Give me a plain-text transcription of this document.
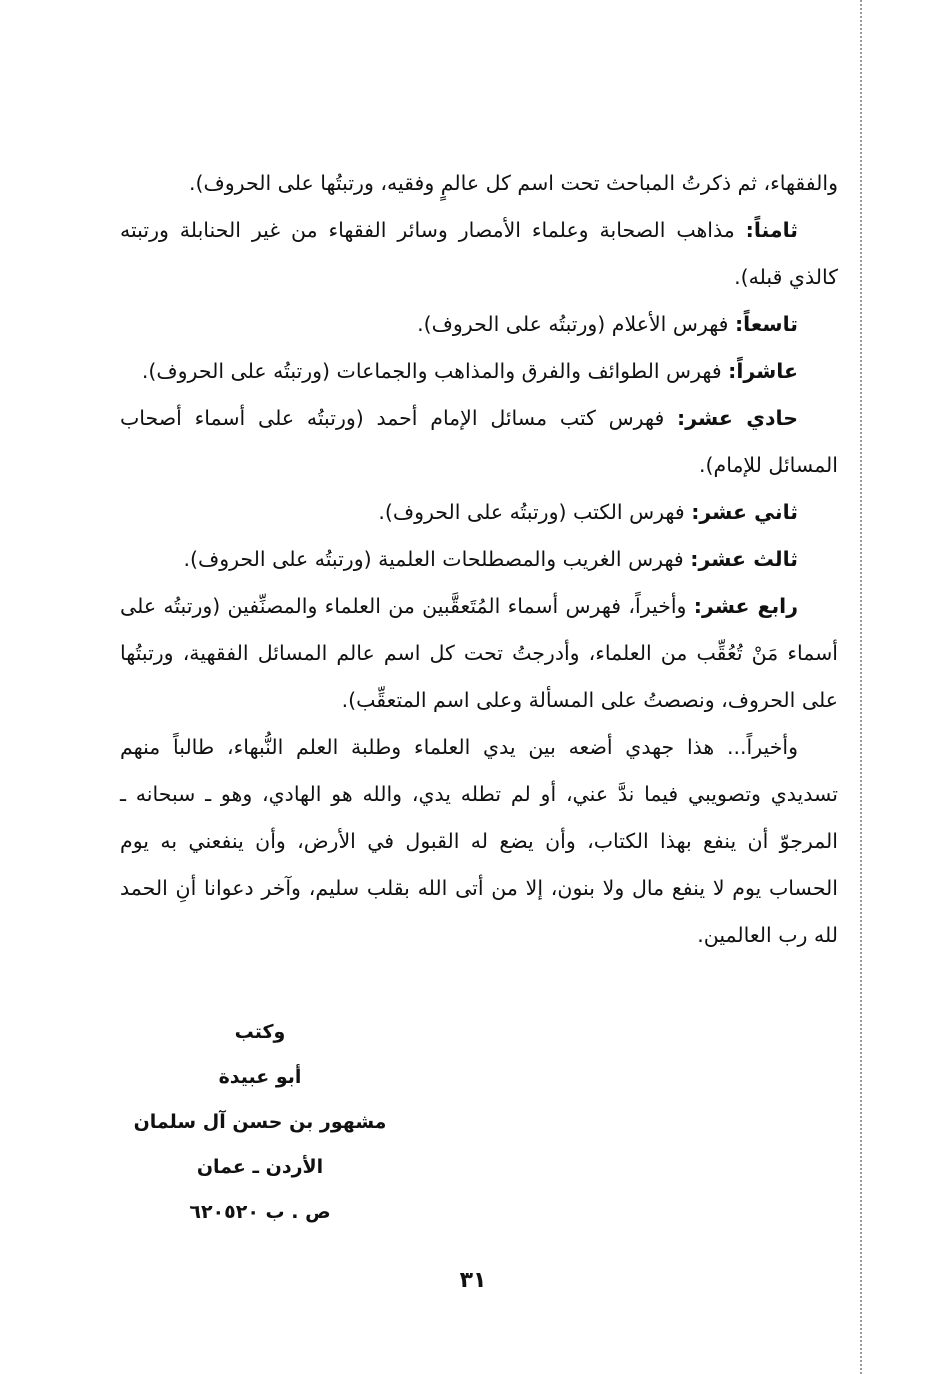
والفقهاء، ثم ذكرتُ المباحث تحت اسم كل عالمٍ وفقيه، ورتبتُها على الحروف).

ثامناً: مذاهب الصحابة وعلماء الأمصار وسائر الفقهاء من غير الحنابلة ورتبته كالذي قبله).

تاسعاً: فهرس الأعلام (ورتبتُه على الحروف).

عاشراً: فهرس الطوائف والفرق والمذاهب والجماعات (ورتبتُه على الحروف).

حادي عشر: فهرس كتب مسائل الإمام أحمد (ورتبتُه على أسماء أصحاب المسائل للإمام).

ثاني عشر: فهرس الكتب (ورتبتُه على الحروف).

ثالث عشر: فهرس الغريب والمصطلحات العلمية (ورتبتُه على الحروف).

رابع عشر: وأخيراً، فهرس أسماء المُتَعقَّبين من العلماء والمصنِّفين (ورتبتُه على أسماء مَنْ تُعُقِّب من العلماء، وأدرجتُ تحت كل اسم عالم المسائل الفقهية، ورتبتُها على الحروف، ونصصتُ على المسألة وعلى اسم المتعقِّب).

وأخيراً... هذا جهدي أضعه بين يدي العلماء وطلبة العلم النُّبهاء، طالباً منهم تسديدي وتصويبي فيما ندَّ عني، أو لم تطله يدي، والله هو الهادي، وهو ـ سبحانه ـ المرجوّ أن ينفع بهذا الكتاب، وأن يضع له القبول في الأرض، وأن ينفعني به يوم الحساب يوم لا ينفع مال ولا بنون، إلا من أتى الله بقلب سليم، وآخر دعوانا أنِ الحمد لله رب العالمين.

وكتب
أبو عبيدة
مشهور بن حسن آل سلمان
الأردن ـ عمان
ص . ب ٦٢٠٥٢٠
٣١
